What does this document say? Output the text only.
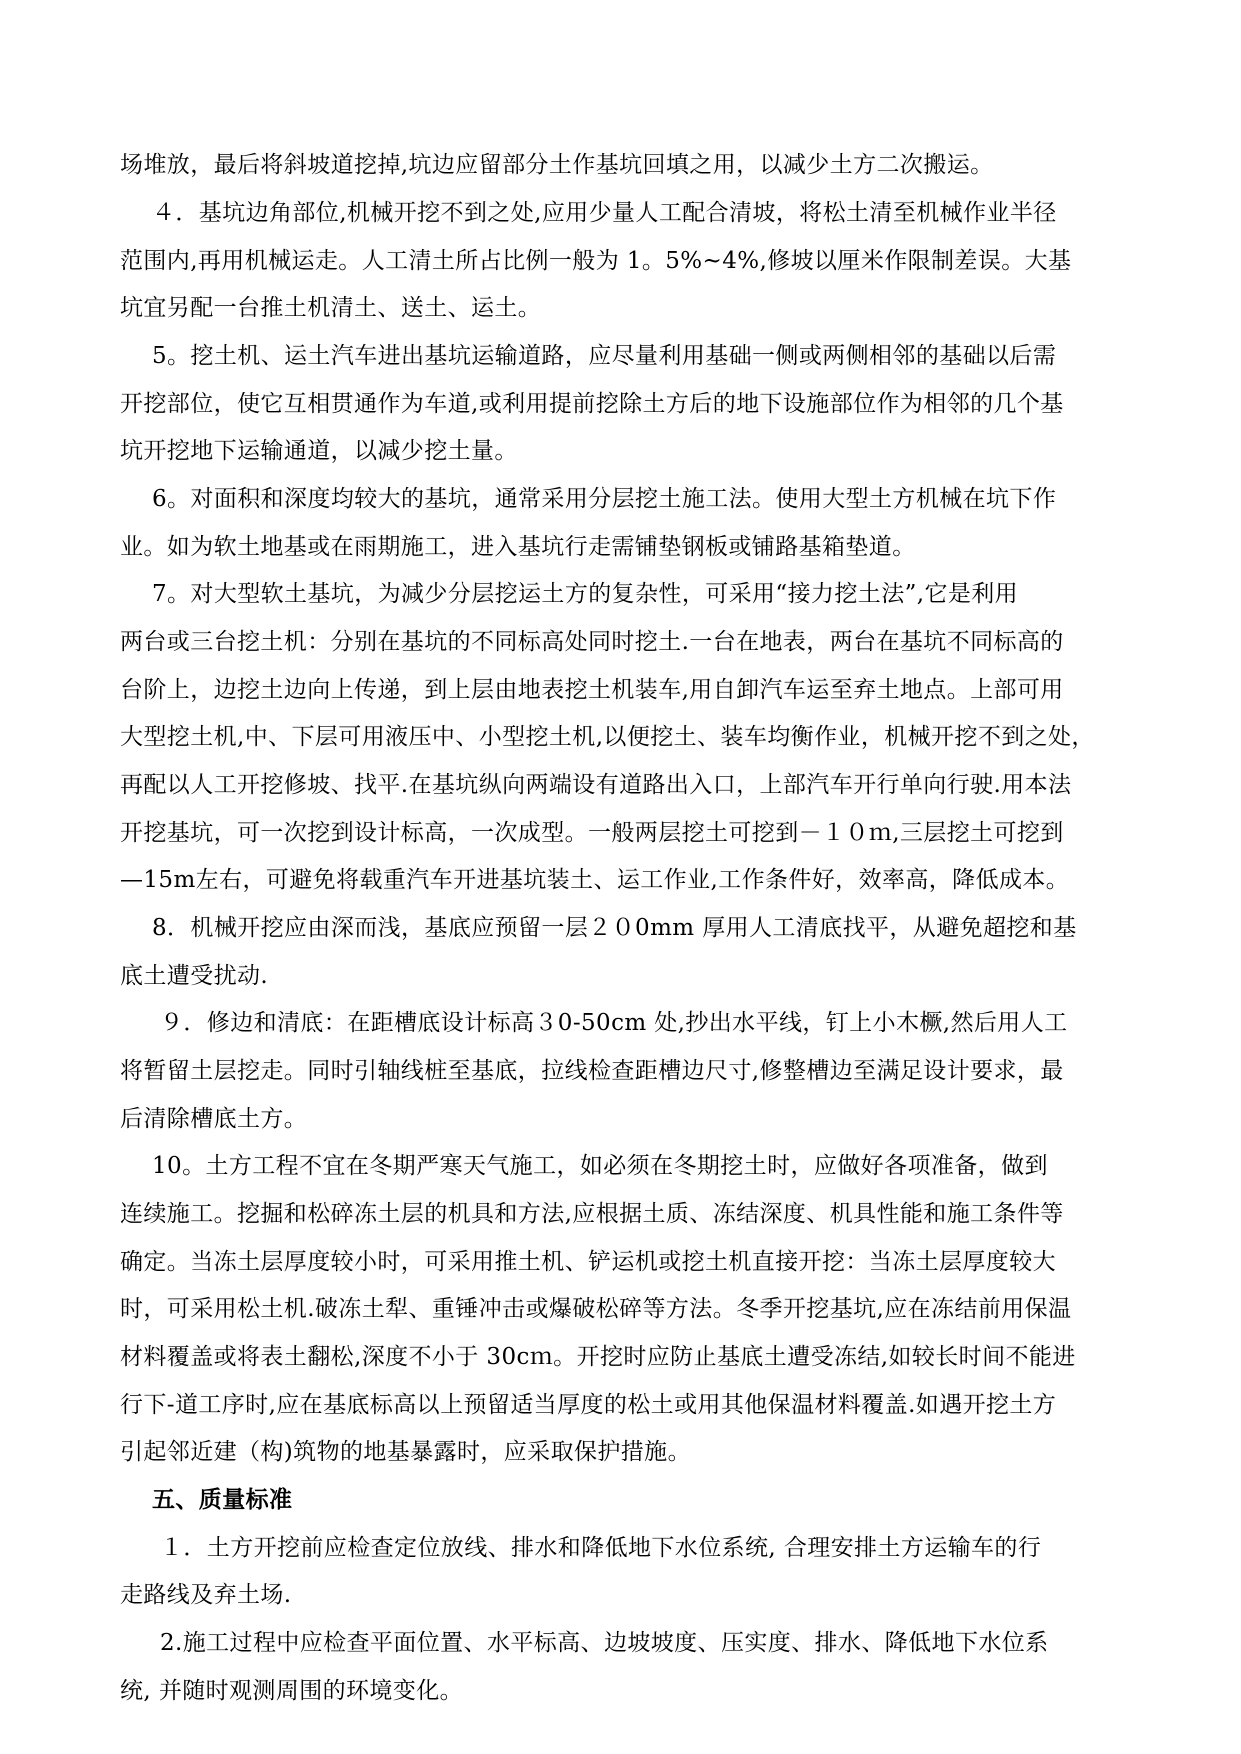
场堆放，最后将斜坡道挖掉,坑边应留部分土作基坑回填之用，以减少土方二次搬运。
４．基坑边角部位,机械开挖不到之处,应用少量人工配合清坡，将松土清至机械作业半径
范围内,再用机械运走。人工清土所占比例一般为 1。5%~4%,修坡以厘米作限制差误。大基
坑宜另配一台推土机清土、送土、运土。
5。挖土机、运土汽车进出基坑运输道路，应尽量利用基础一侧或两侧相邻的基础以后需
开挖部位，使它互相贯通作为车道,或利用提前挖除土方后的地下设施部位作为相邻的几个基
坑开挖地下运输通道，以减少挖土量。
6。对面积和深度均较大的基坑，通常采用分层挖土施工法。使用大型土方机械在坑下作
业。如为软土地基或在雨期施工，进入基坑行走需铺垫钢板或铺路基箱垫道。
7。对大型软土基坑，为减少分层挖运土方的复杂性，可采用“接力挖土法”,它是利用
两台或三台挖土机：分别在基坑的不同标高处同时挖土.一台在地表，两台在基坑不同标高的
台阶上，边挖土边向上传递，到上层由地表挖土机装车,用自卸汽车运至弃土地点。上部可用
大型挖土机,中、下层可用液压中、小型挖土机,以便挖土、装车均衡作业，机械开挖不到之处，
再配以人工开挖修坡、找平.在基坑纵向两端设有道路出入口，上部汽车开行单向行驶.用本法
开挖基坑，可一次挖到设计标高，一次成型。一般两层挖土可挖到－１０ｍ,三层挖土可挖到
—15m左右，可避免将载重汽车开进基坑装土、运工作业,工作条件好，效率高，降低成本。
8．机械开挖应由深而浅，基底应预留一层２０0mm 厚用人工清底找平，从避免超挖和基
底土遭受扰动.
９．修边和清底：在距槽底设计标高３0-50cm 处,抄出水平线，钉上小木橛,然后用人工
将暂留土层挖走。同时引轴线桩至基底，拉线检查距槽边尺寸,修整槽边至满足设计要求，最
后清除槽底土方。
10。土方工程不宜在冬期严寒天气施工，如必须在冬期挖土时，应做好各项准备，做到
连续施工。挖掘和松碎冻土层的机具和方法,应根据土质、冻结深度、机具性能和施工条件等
确定。当冻土层厚度较小时，可采用推土机、铲运机或挖土机直接开挖：当冻土层厚度较大
时，可采用松土机.破冻土犁、重锤冲击或爆破松碎等方法。冬季开挖基坑,应在冻结前用保温
材料覆盖或将表土翻松,深度不小于 30cｍ。开挖时应防止基底土遭受冻结,如较长时间不能进
行下-道工序时,应在基底标高以上预留适当厚度的松土或用其他保温材料覆盖.如遇开挖土方
引起邻近建（构)筑物的地基暴露时，应采取保护措施。
五、质量标准
１．土方开挖前应检查定位放线、排水和降低地下水位系统, 合理安排土方运输车的行
走路线及弃土场.
2.施工过程中应检查平面位置、水平标高、边坡坡度、压实度、排水、降低地下水位系
统, 并随时观测周围的环境变化。
